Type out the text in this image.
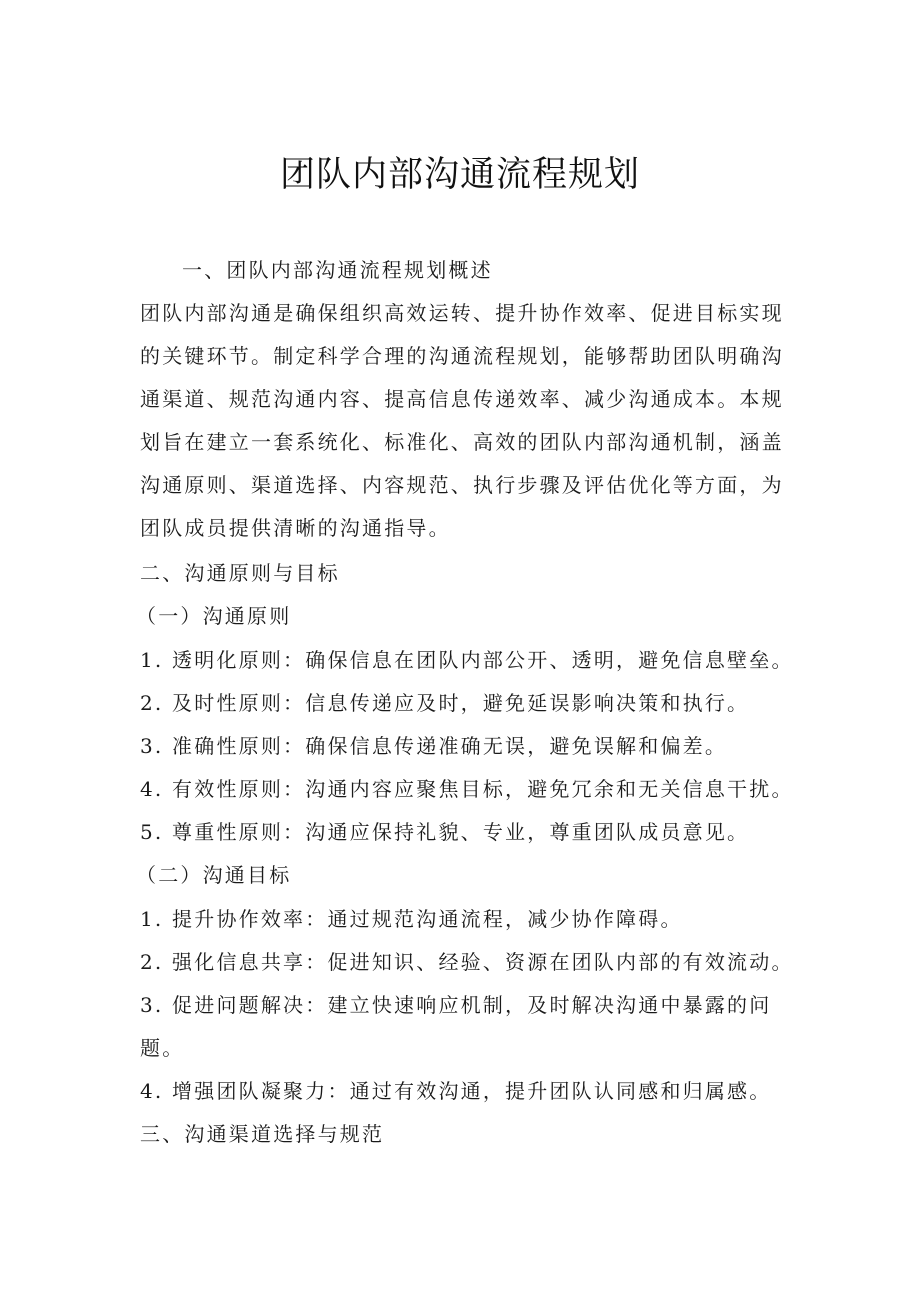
团队内部沟通流程规划
一、团队内部沟通流程规划概述
团队内部沟通是确保组织高效运转、提升协作效率、促进目标实现
的关键环节。制定科学合理的沟通流程规划，能够帮助团队明确沟
通渠道、规范沟通内容、提高信息传递效率、减少沟通成本。本规
划旨在建立一套系统化、标准化、高效的团队内部沟通机制，涵盖
沟通原则、渠道选择、内容规范、执行步骤及评估优化等方面，为
团队成员提供清晰的沟通指导。
二、沟通原则与目标
（一）沟通原则
1. 透明化原则：确保信息在团队内部公开、透明，避免信息壁垒。
2. 及时性原则：信息传递应及时，避免延误影响决策和执行。
3. 准确性原则：确保信息传递准确无误，避免误解和偏差。
4. 有效性原则：沟通内容应聚焦目标，避免冗余和无关信息干扰。
5. 尊重性原则：沟通应保持礼貌、专业，尊重团队成员意见。
（二）沟通目标
1. 提升协作效率：通过规范沟通流程，减少协作障碍。
2. 强化信息共享：促进知识、经验、资源在团队内部的有效流动。
3. 促进问题解决：建立快速响应机制，及时解决沟通中暴露的问
题。
4. 增强团队凝聚力：通过有效沟通，提升团队认同感和归属感。
三、沟通渠道选择与规范
